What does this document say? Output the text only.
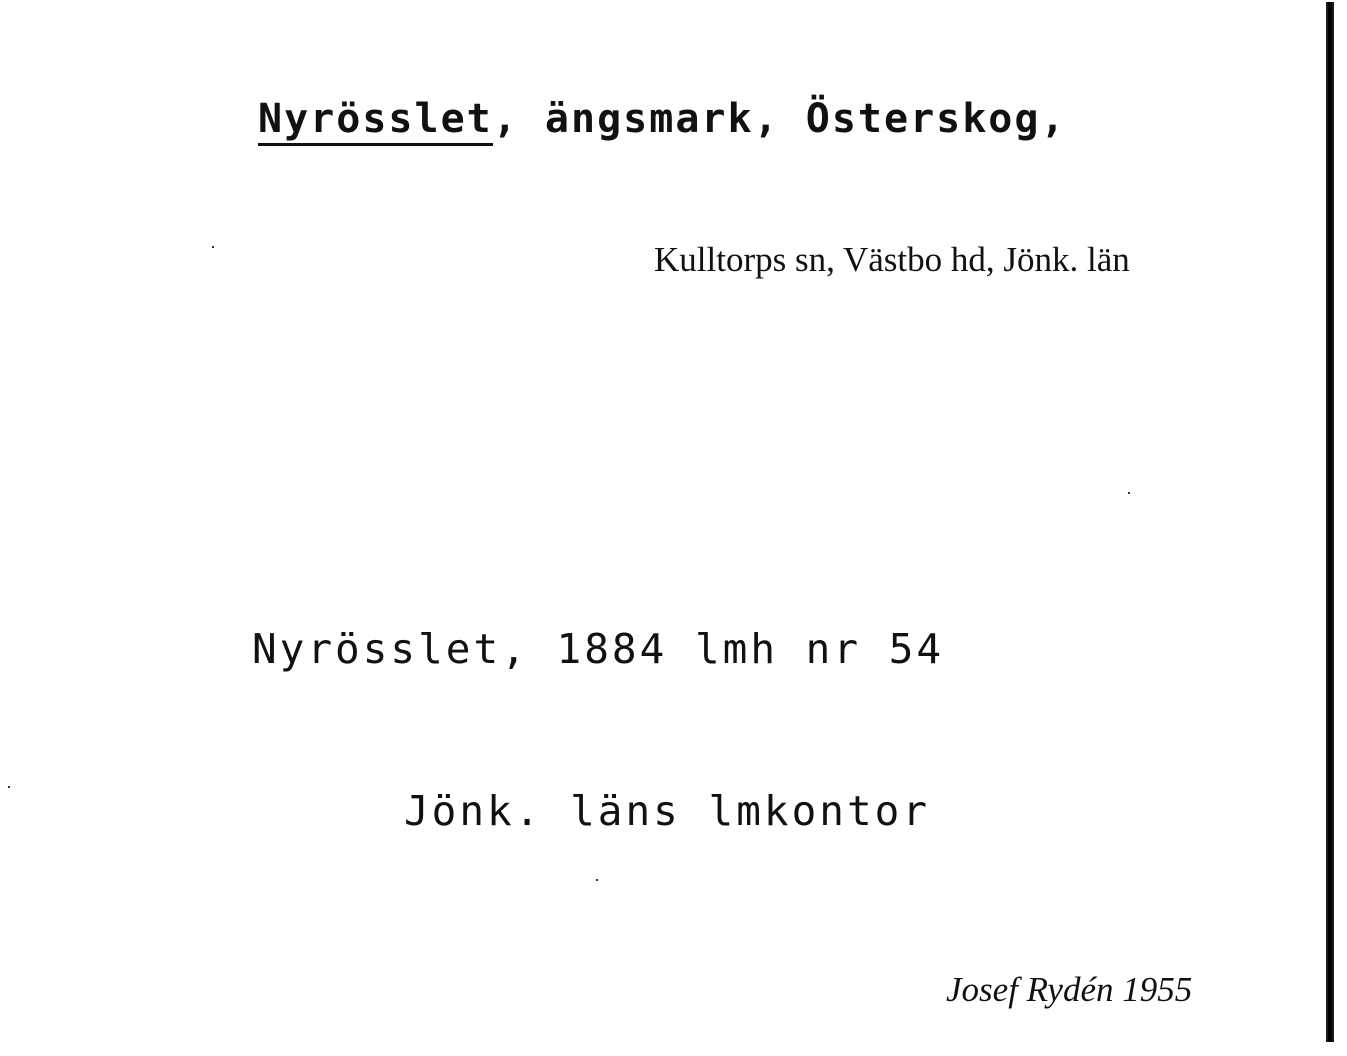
Nyrösslet, ängsmark, Österskog,
Kulltorps sn, Västbo hd, Jönk. län

Nyrösslet, 1884 lmh nr 54

Jönk. läns lmkontor

Josef Rydén 1955
